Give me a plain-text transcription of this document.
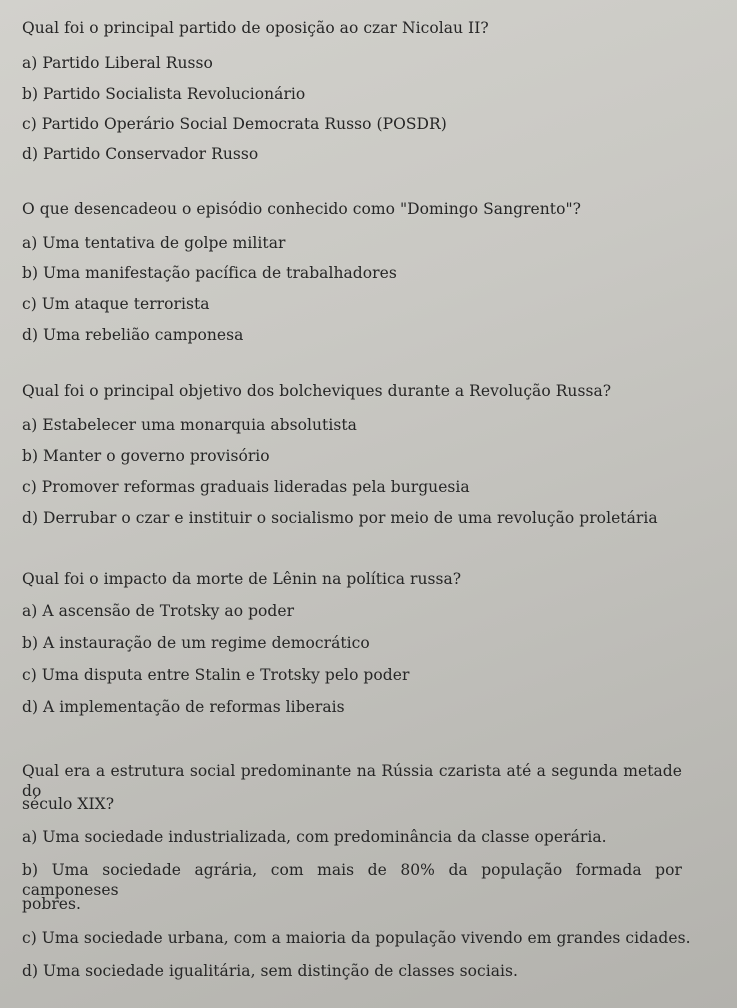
Qual foi o principal partido de oposição ao czar Nicolau II?
a) Partido Liberal Russo
b) Partido Socialista Revolucionário
c) Partido Operário Social Democrata Russo (POSDR)
d) Partido Conservador Russo
O que desencadeou o episódio conhecido como "Domingo Sangrento"?
a) Uma tentativa de golpe militar
b) Uma manifestação pacífica de trabalhadores
c) Um ataque terrorista
d) Uma rebelião camponesa
Qual foi o principal objetivo dos bolcheviques durante a Revolução Russa?
a) Estabelecer uma monarquia absolutista
b) Manter o governo provisório
c) Promover reformas graduais lideradas pela burguesia
d) Derrubar o czar e instituir o socialismo por meio de uma revolução proletária
Qual foi o impacto da morte de Lênin na política russa?
a) A ascensão de Trotsky ao poder
b) A instauração de um regime democrático
c) Uma disputa entre Stalin e Trotsky pelo poder
d) A implementação de reformas liberais
Qual era a estrutura social predominante na Rússia czarista até a segunda metade do
século XIX?
a) Uma sociedade industrializada, com predominância da classe operária.
b) Uma sociedade agrária, com mais de 80% da população formada por camponeses
pobres.
c) Uma sociedade urbana, com a maioria da população vivendo em grandes cidades.
d) Uma sociedade igualitária, sem distinção de classes sociais.
